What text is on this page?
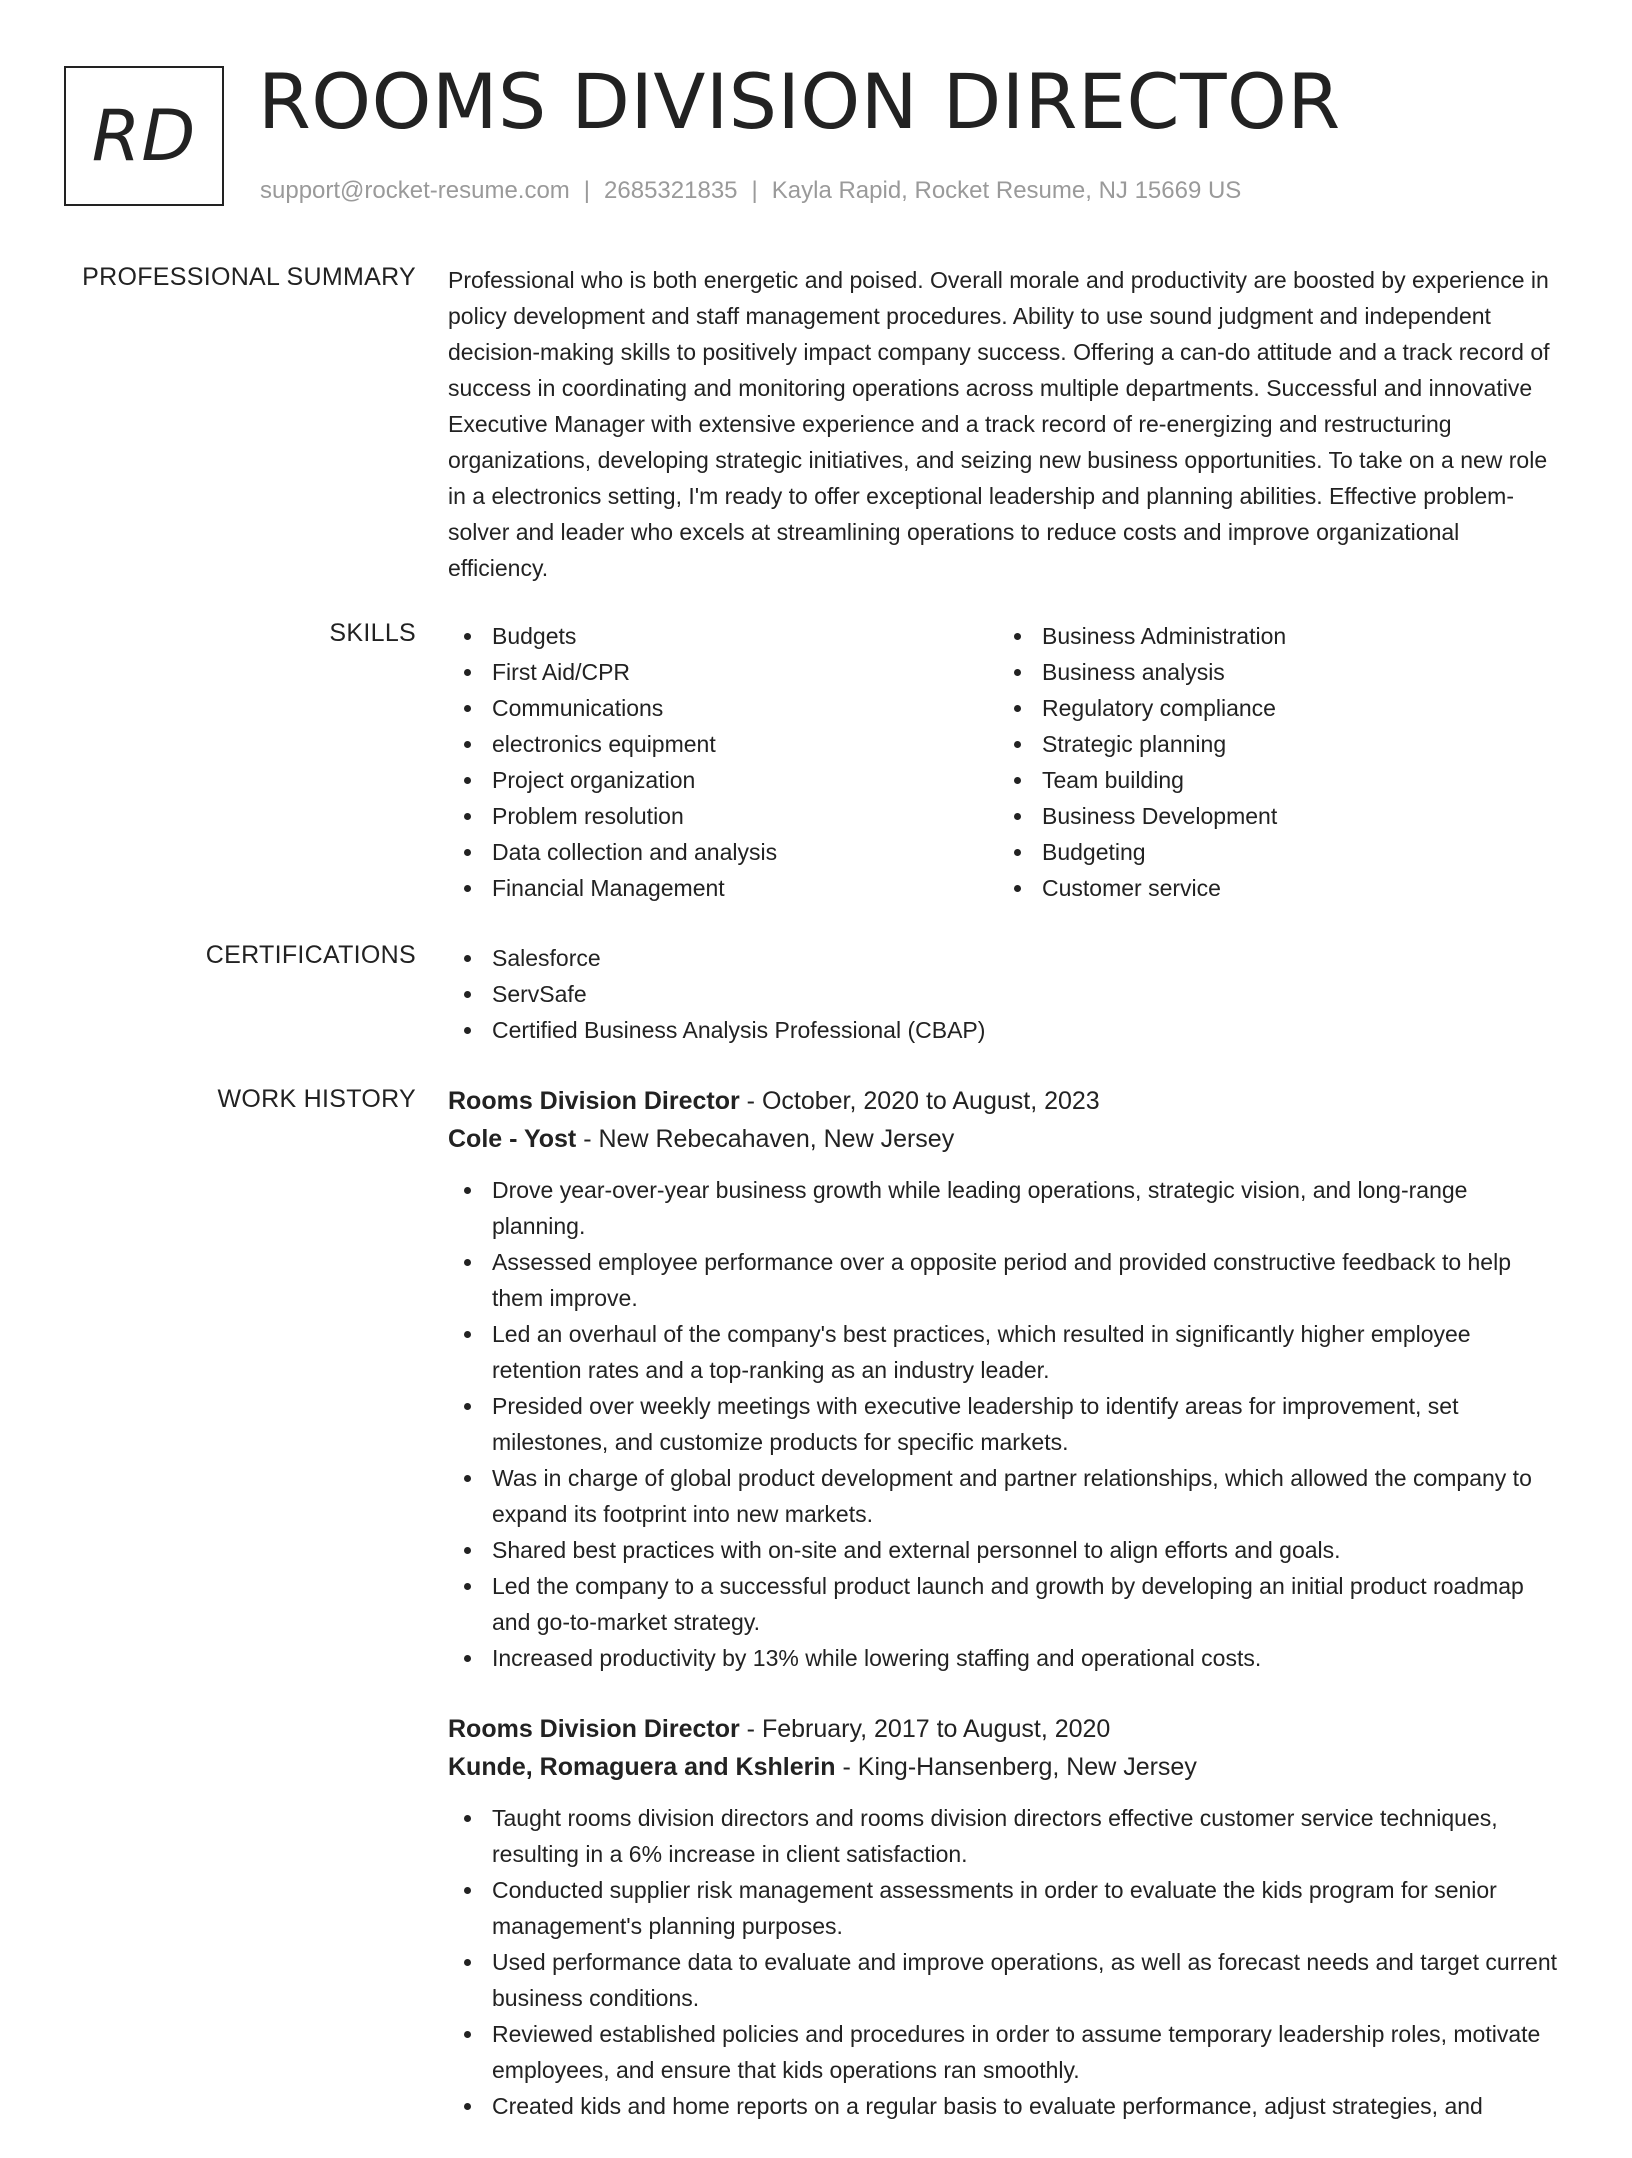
RD ROOMS DIVISION DIRECTOR
support@rocket-resume.com | 2685321835 | Kayla Rapid, Rocket Resume, NJ 15669 US
PROFESSIONAL SUMMARY Professional who is both energetic and poised. Overall morale and productivity are boosted by experience in policy development and staff management procedures. Ability to use sound judgment and independent decision-making skills to positively impact company success. Offering a can-do attitude and a track record of success in coordinating and monitoring operations across multiple departments. Successful and innovative Executive Manager with extensive experience and a track record of re-energizing and restructuring organizations, developing strategic initiatives, and seizing new business opportunities. To take on a new role in a electronics setting, I'm ready to offer exceptional leadership and planning abilities. Effective problem-solver and leader who excels at streamlining operations to reduce costs and improve organizational efficiency.

SKILLS	Budgets
First Aid/CPR
Communications
electronics equipment
Project organization
Problem resolution
Data collection and analysis
Financial Management
Business Administration
Business analysis
Regulatory compliance
Strategic planning
Team building
Business Development
Budgeting
Customer service
CERTIFICATIONS	Salesforce
ServSafe
Certified Business Analysis Professional (CBAP)
WORK HISTORY Rooms Division Director - October, 2020 to August, 2023
Cole - Yost - New Rebecahaven, New Jersey
Drove year-over-year business growth while leading operations, strategic vision, and long-range planning.
Assessed employee performance over a opposite period and provided constructive feedback to help them improve.
Led an overhaul of the company's best practices, which resulted in significantly higher employee retention rates and a top-ranking as an industry leader.
Presided over weekly meetings with executive leadership to identify areas for improvement, set milestones, and customize products for specific markets.
Was in charge of global product development and partner relationships, which allowed the company to expand its footprint into new markets.
Shared best practices with on-site and external personnel to align efforts and goals.
Led the company to a successful product launch and growth by developing an initial product roadmap and go-to-market strategy.
Increased productivity by 13% while lowering staffing and operational costs.
Rooms Division Director - February, 2017 to August, 2020
Kunde, Romaguera and Kshlerin - King-Hansenberg, New Jersey
Taught rooms division directors and rooms division directors effective customer service techniques, resulting in a 6% increase in client satisfaction.
Conducted supplier risk management assessments in order to evaluate the kids program for senior management's planning purposes.
Used performance data to evaluate and improve operations, as well as forecast needs and target current business conditions.
Reviewed established policies and procedures in order to assume temporary leadership roles, motivate employees, and ensure that kids operations ran smoothly.
Created kids and home reports on a regular basis to evaluate performance, adjust strategies, and
